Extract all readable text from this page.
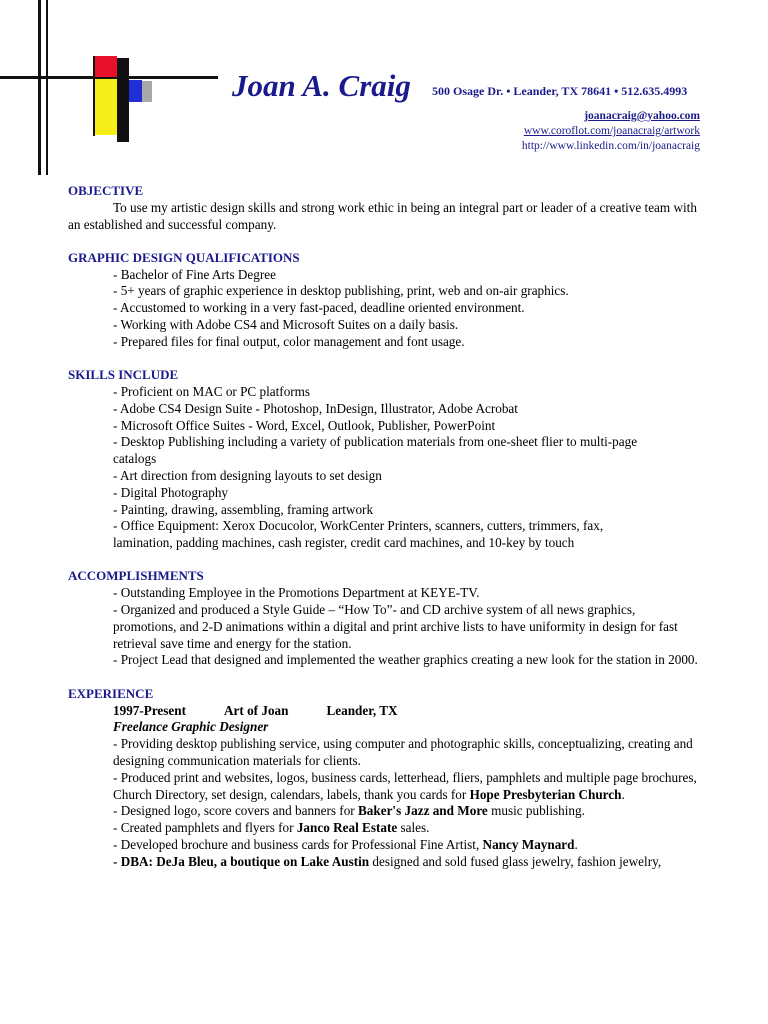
Joan A. Craig 500 Osage Dr. • Leander, TX 78641 • 512.635.4993
joanacraig@yahoo.com
www.coroflot.com/joanacraig/artwork
http://www.linkedin.com/in/joanacraig
OBJECTIVE
To use my artistic design skills and strong work ethic in being an integral part or leader of a creative team with an established and successful company.
GRAPHIC DESIGN QUALIFICATIONS
- Bachelor of Fine Arts Degree
- 5+ years of graphic experience in desktop publishing, print, web and on-air graphics.
- Accustomed to working in a very fast-paced, deadline oriented environment.
- Working with Adobe CS4 and Microsoft Suites on a daily basis.
- Prepared files for final output, color management and font usage.
SKILLS INCLUDE
- Proficient on MAC or PC platforms
- Adobe CS4 Design Suite - Photoshop, InDesign, Illustrator, Adobe Acrobat
- Microsoft Office Suites - Word, Excel, Outlook, Publisher, PowerPoint
- Desktop Publishing including a variety of publication materials from one-sheet flier to multi-page
catalogs
- Art direction from designing layouts to set design
- Digital Photography
- Painting, drawing, assembling, framing artwork
- Office Equipment: Xerox Docucolor, WorkCenter Printers, scanners, cutters, trimmers, fax,
lamination, padding machines, cash register, credit card machines, and 10-key by touch
ACCOMPLISHMENTS
- Outstanding Employee in the Promotions Department at KEYE-TV.
- Organized and produced a Style Guide – “How To”- and CD archive system of all news graphics, promotions, and 2-D animations within a digital and print archive lists to have uniformity in design for fast retrieval save time and energy for the station.
- Project Lead that designed and implemented the weather graphics creating a new look for the station in 2000.
EXPERIENCE
1997-Present	Art of Joan	Leander, TX
Freelance Graphic Designer
- Providing desktop publishing service, using computer and photographic skills, conceptualizing, creating and designing communication materials for clients.
- Produced print and websites, logos, business cards, letterhead, fliers, pamphlets and multiple page brochures, Church Directory, set design, calendars, labels, thank you cards for Hope Presbyterian Church.
- Designed logo, score covers and banners for Baker's Jazz and More music publishing.
- Created pamphlets and flyers for Janco Real Estate sales.
- Developed brochure and business cards for Professional Fine Artist, Nancy Maynard.
- DBA: DeJa Bleu, a boutique on Lake Austin designed and sold fused glass jewelry, fashion jewelry,
